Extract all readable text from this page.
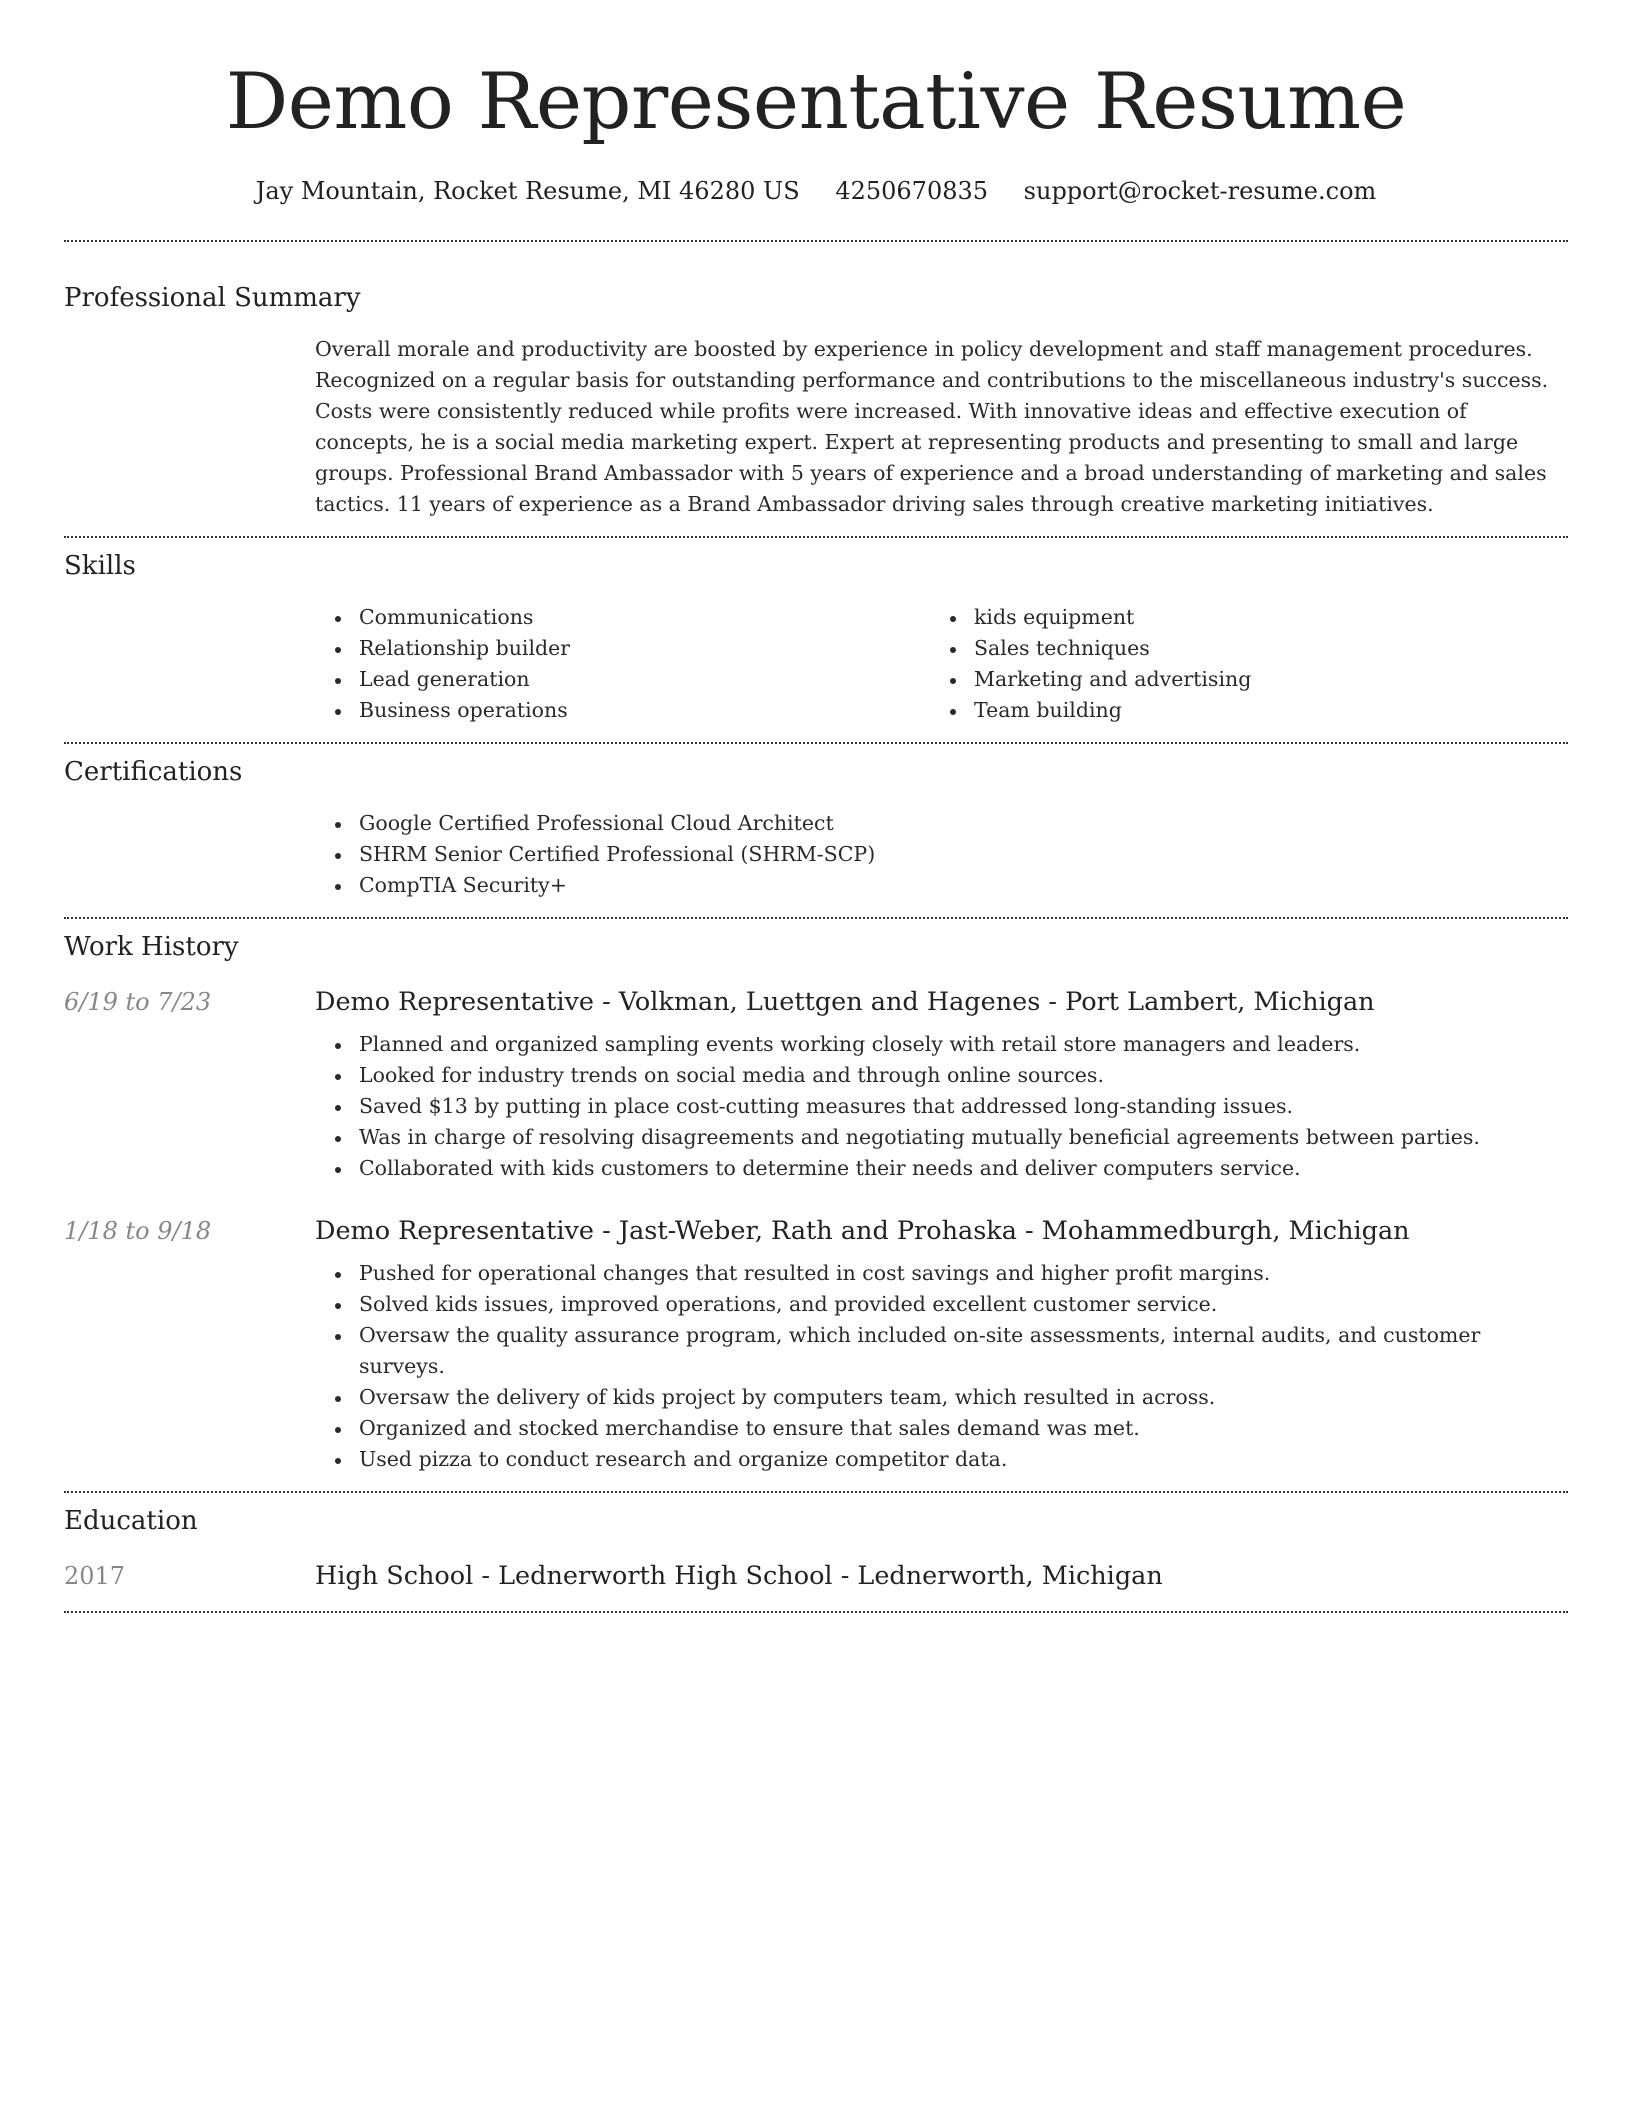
Demo Representative Resume
Jay Mountain, Rocket Resume, MI 46280 US 4250670835 support@rocket-resume.com
Professional Summary

Overall morale and productivity are boosted by experience in policy development and staff management procedures. Recognized on a regular basis for outstanding performance and contributions to the miscellaneous industry's success. Costs were consistently reduced while profits were increased. With innovative ideas and effective execution of concepts, he is a social media marketing expert. Expert at representing products and presenting to small and large groups. Professional Brand Ambassador with 5 years of experience and a broad understanding of marketing and sales tactics. 11 years of experience as a Brand Ambassador driving sales through creative marketing initiatives.

Skills
Communications
Relationship builder
Lead generation
Business operations
kids equipment
Sales techniques
Marketing and advertising
Team building
Certifications
Google Certified Professional Cloud Architect
SHRM Senior Certified Professional (SHRM-SCP)
CompTIA Security+
Work History
6/19 to 7/23	Demo Representative - Volkman, Luettgen and Hagenes - Port Lambert, Michigan
Planned and organized sampling events working closely with retail store managers and leaders.
Looked for industry trends on social media and through online sources.
Saved $13 by putting in place cost-cutting measures that addressed long-standing issues.
Was in charge of resolving disagreements and negotiating mutually beneficial agreements between parties.
Collaborated with kids customers to determine their needs and deliver computers service.
1/18 to 9/18	Demo Representative - Jast-Weber, Rath and Prohaska - Mohammedburgh, Michigan
Pushed for operational changes that resulted in cost savings and higher profit margins.
Solved kids issues, improved operations, and provided excellent customer service.
Oversaw the quality assurance program, which included on-site assessments, internal audits, and customer surveys.
Oversaw the delivery of kids project by computers team, which resulted in across.
Organized and stocked merchandise to ensure that sales demand was met.
Used pizza to conduct research and organize competitor data.
Education
2017	High School - Lednerworth High School - Lednerworth, Michigan
